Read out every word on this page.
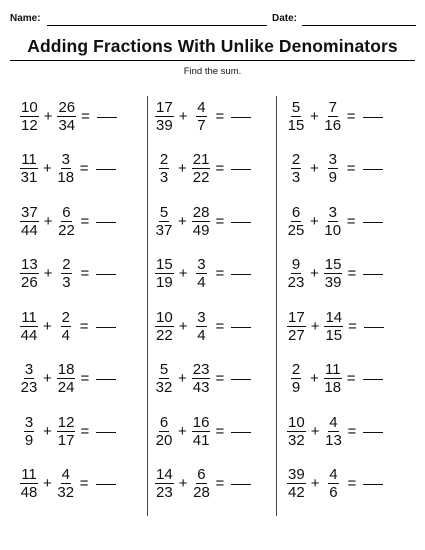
Name:	Date:
Adding Fractions With Unlike Denominators
Find the sum.
$\frac{10}{12} + \frac{26}{34}$ =
$\frac{11}{31} + \frac{3}{18}$ =
$\frac{37}{44} + \frac{6}{22}$ =
$\frac{13}{26} + \frac{2}{3}$ =
$\frac{11}{44} + \frac{2}{4}$ =
$\frac{3}{23} + \frac{18}{24}$ =
$\frac{3}{9} + \frac{12}{17}$ =
$\frac{11}{48} + \frac{4}{32}$ =
$\frac{17}{39} + \frac{4}{7}$ =
$\frac{2}{3} + \frac{21}{22}$ =
$\frac{5}{37} + \frac{28}{49}$ =
$\frac{15}{19} + \frac{3}{4}$ =
$\frac{10}{22} + \frac{3}{4}$ =
$\frac{5}{32} + \frac{23}{43}$ =
$\frac{6}{20} + \frac{16}{41}$ =
$\frac{14}{23} + \frac{6}{28}$ =
$\frac{5}{15} + \frac{7}{16}$ =
$\frac{2}{3} + \frac{3}{9}$ =
$\frac{6}{25} + \frac{3}{10}$ =
$\frac{9}{23} + \frac{15}{39}$ =
$\frac{17}{27} + \frac{14}{15}$ =
$\frac{2}{9} + \frac{11}{18}$ =
$\frac{10}{32} + \frac{4}{13}$ =
$\frac{39}{42} + \frac{4}{6}$ =
